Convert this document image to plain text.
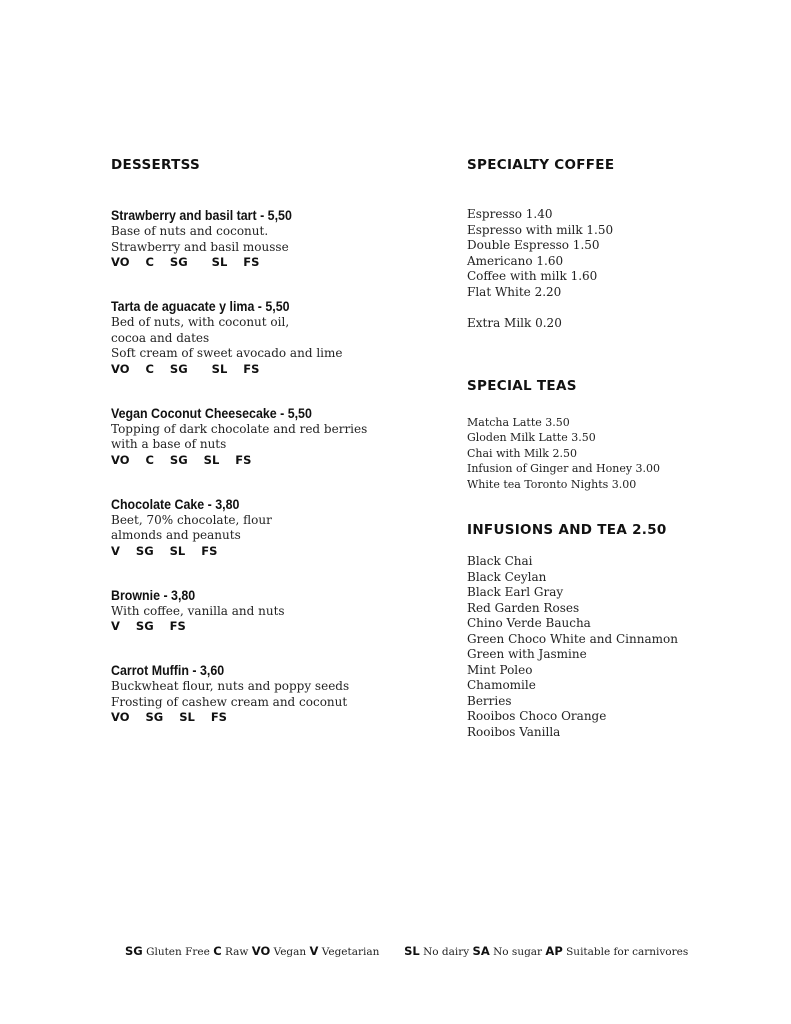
DESSERTSS
Strawberry and basil tart - 5,50
Base of nuts and coconut.
Strawberry and basil mousse
VO  C  SG   SL  FS
Tarta de aguacate y lima - 5,50
Bed of nuts, with coconut oil,
cocoa and dates
Soft cream of sweet avocado and lime
VO  C  SG   SL  FS
Vegan Coconut Cheesecake - 5,50
Topping of dark chocolate and red berries
with a base of nuts
VO  C  SG  SL  FS
Chocolate Cake - 3,80
Beet, 70% chocolate, flour
almonds and peanuts
V  SG  SL  FS
Brownie - 3,80
With coffee, vanilla and nuts
V  SG  FS
Carrot Muffin - 3,60
Buckwheat flour, nuts and poppy seeds
Frosting of cashew cream and coconut
VO  SG  SL  FS
SPECIALTY COFFEE
Espresso 1.40
Espresso with milk 1.50
Double Espresso 1.50
Americano 1.60
Coffee with milk 1.60
Flat White 2.20
Extra Milk 0.20
SPECIAL TEAS
Matcha Latte 3.50
Gloden Milk Latte 3.50
Chai with Milk 2.50
Infusion of Ginger and Honey 3.00
White tea Toronto Nights 3.00
INFUSIONS AND TEA 2.50
Black Chai
Black Ceylan
Black Earl Gray
Red Garden Roses
Chino Verde Baucha
Green Choco White and Cinnamon
Green with Jasmine
Mint Poleo
Chamomile
Berries
Rooibos Choco Orange
Rooibos Vanilla
SG Gluten Free C Raw VO Vegan V Vegetarian SL No dairy SA No sugar AP Suitable for carnivores
